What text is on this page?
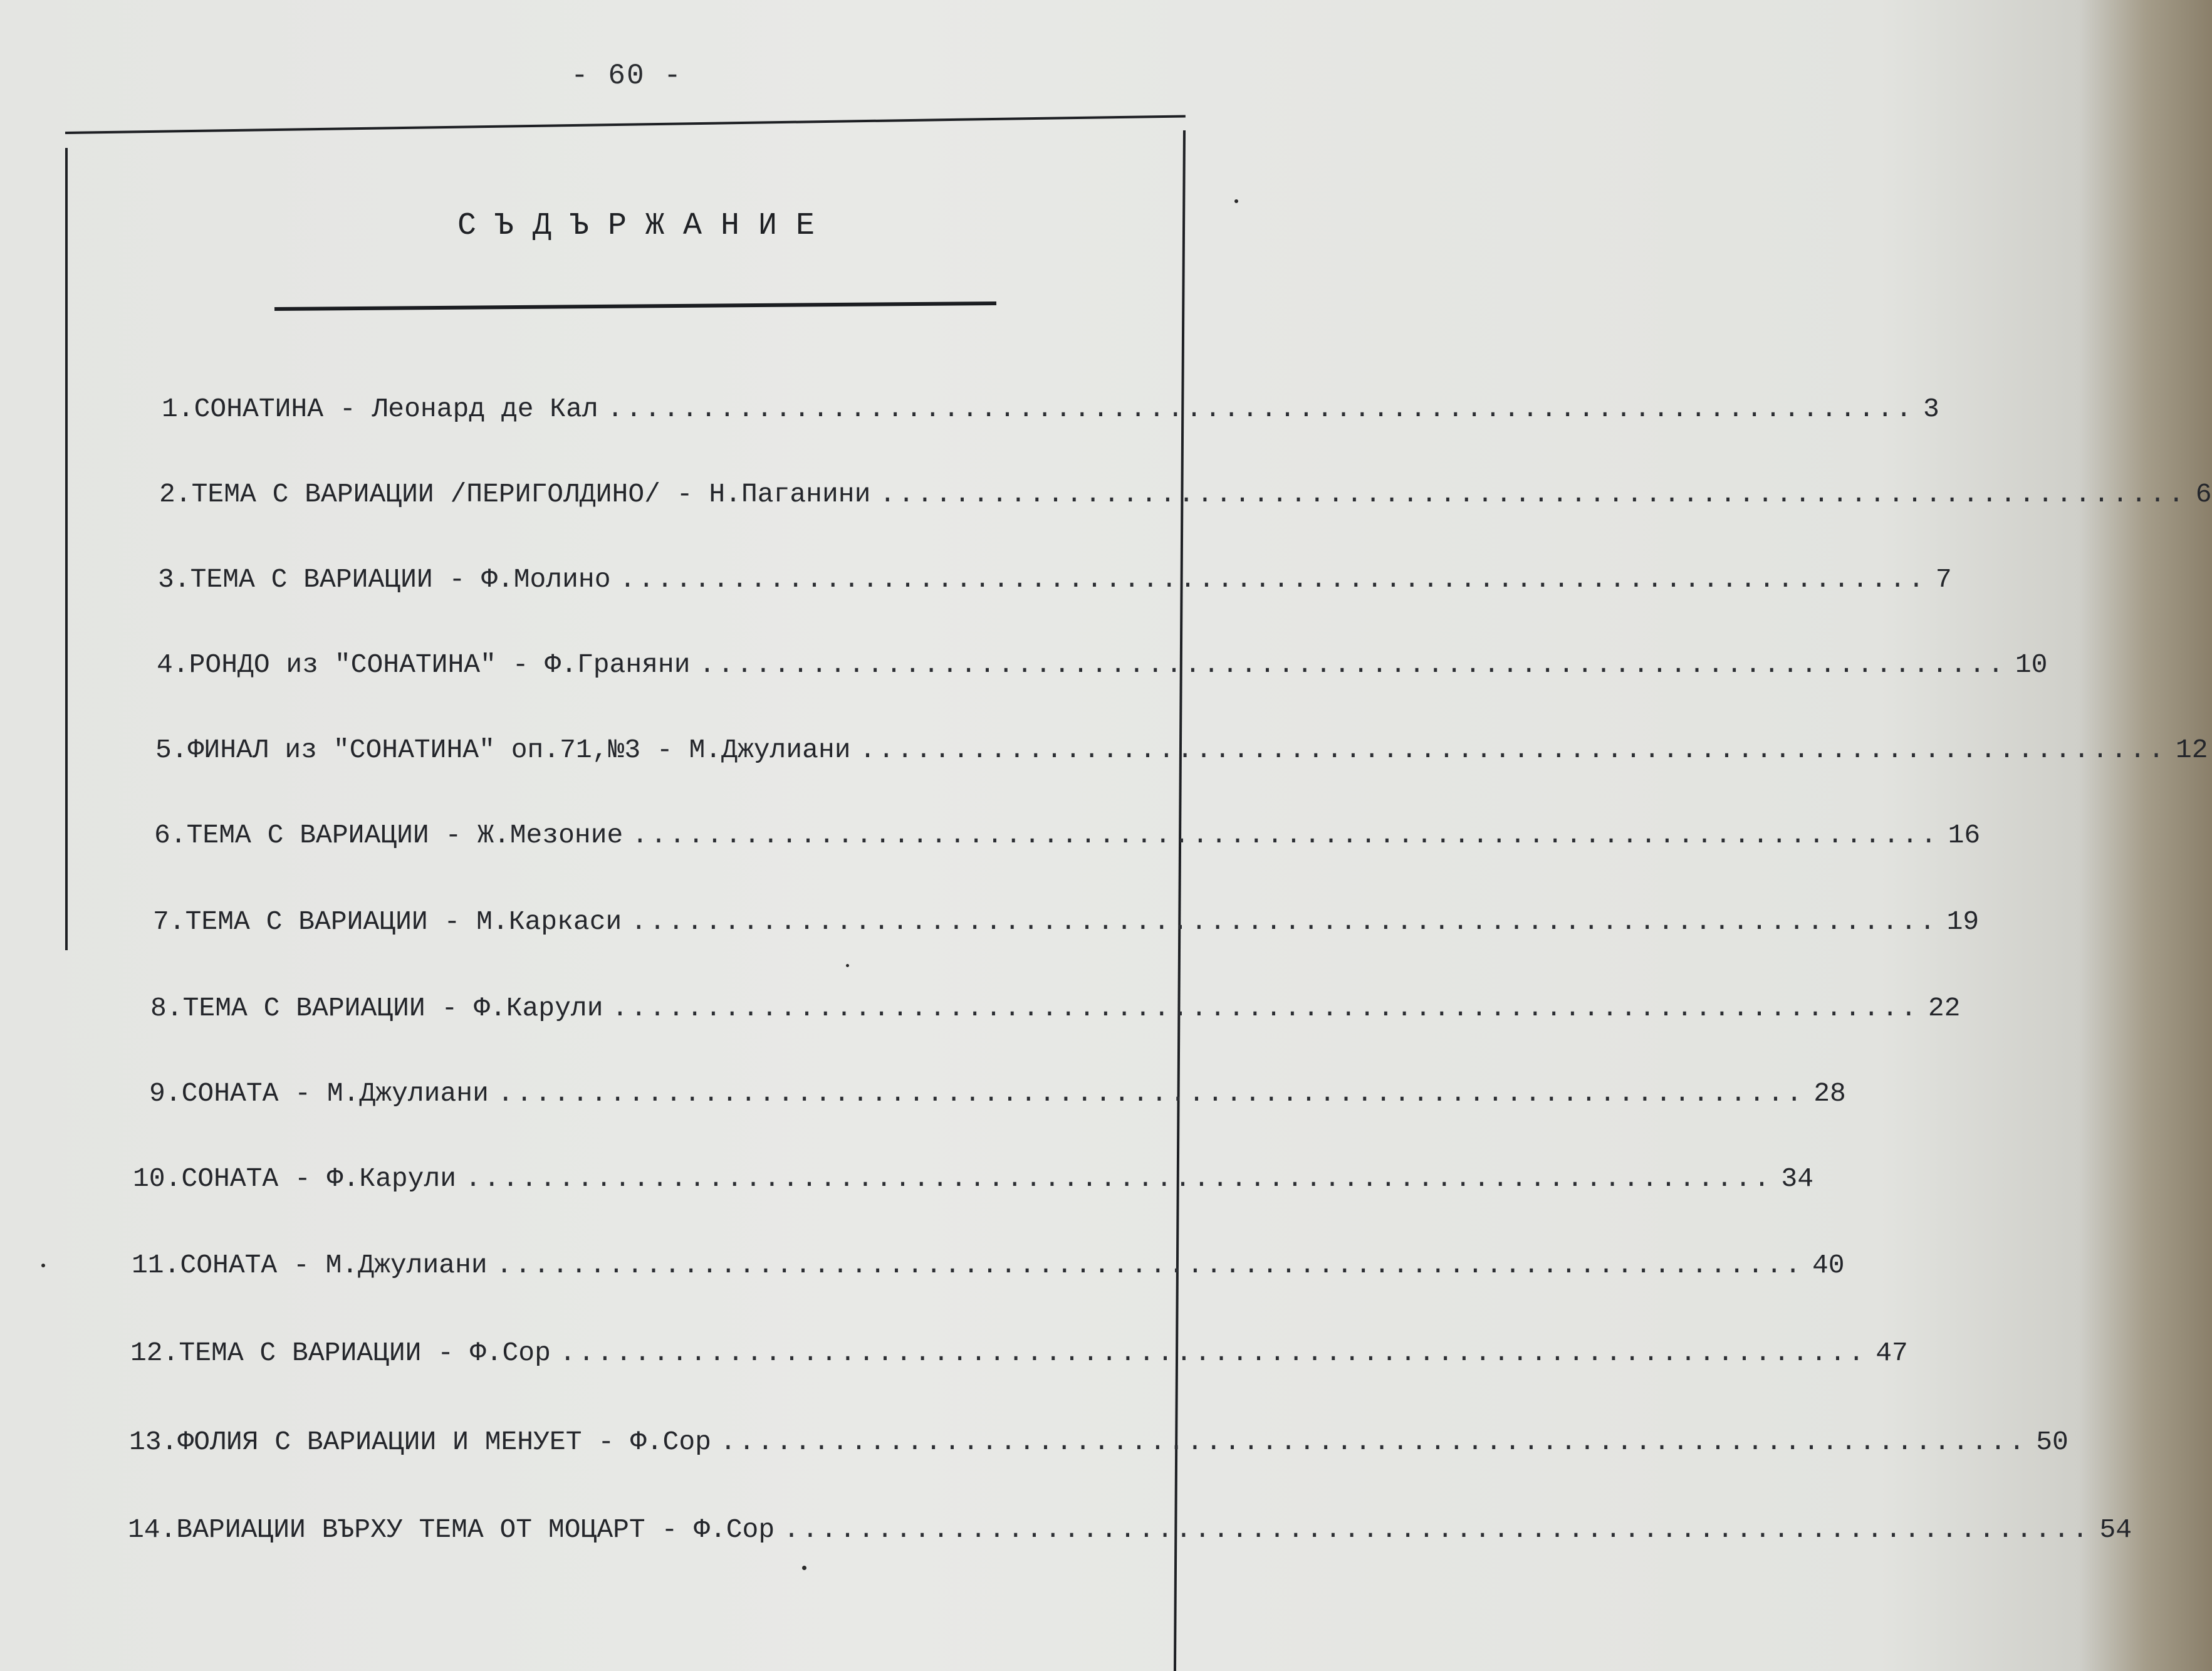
- 60 -
СЪДЪРЖАНИЕ
1.СОНАТИНА - Леонард де Кал ...................................................................... 3
2.ТЕМА С ВАРИАЦИИ /ПЕРИГОЛДИНО/ - Н.Паганини ...................................................................... 6
3.ТЕМА С ВАРИАЦИИ - Ф.Молино ...................................................................... 7
4.РОНДО из "СОНАТИНА" - Ф.Граняни ...................................................................... 10
5.ФИНАЛ из "СОНАТИНА" оп.71,№3 - М.Джулиани ...................................................................... 12
6.ТЕМА С ВАРИАЦИИ - Ж.Мезоние ...................................................................... 16
7.ТЕМА С ВАРИАЦИИ - М.Каркаси ...................................................................... 19
8.ТЕМА С ВАРИАЦИИ - Ф.Карули ...................................................................... 22
9.СОНАТА - М.Джулиани ...................................................................... 28
10.СОНАТА - Ф.Карули ...................................................................... 34
11.СОНАТА - М.Джулиани ...................................................................... 40
12.ТЕМА С ВАРИАЦИИ - Ф.Сор ...................................................................... 47
13.ФОЛИЯ С ВАРИАЦИИ И МЕНУЕТ - Ф.Сор ...................................................................... 50
14.ВАРИАЦИИ ВЪРХУ ТЕМА ОТ МОЦАРТ - Ф.Сор ...................................................................... 54
